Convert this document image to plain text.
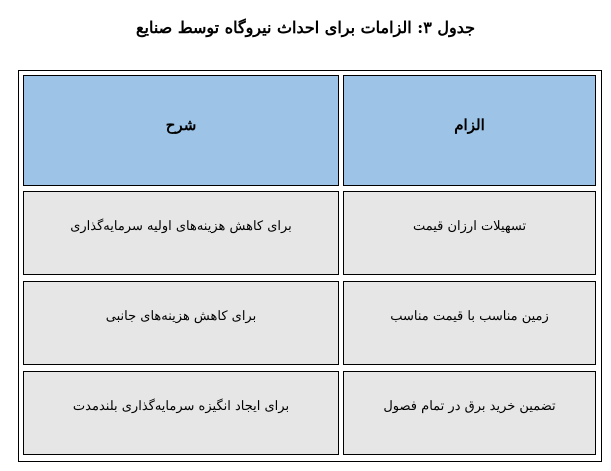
جدول ۳: الزامات برای احداث نیروگاه توسط صنایع
الزام
شرح
تسهیلات ارزان قیمت
برای کاهش هزینه‌های اولیه سرمایه‌گذاری
زمین مناسب با قیمت مناسب
برای کاهش هزینه‌های جانبی
تضمین خرید برق در تمام فصول
برای ایجاد انگیزه سرمایه‌گذاری بلندمدت
